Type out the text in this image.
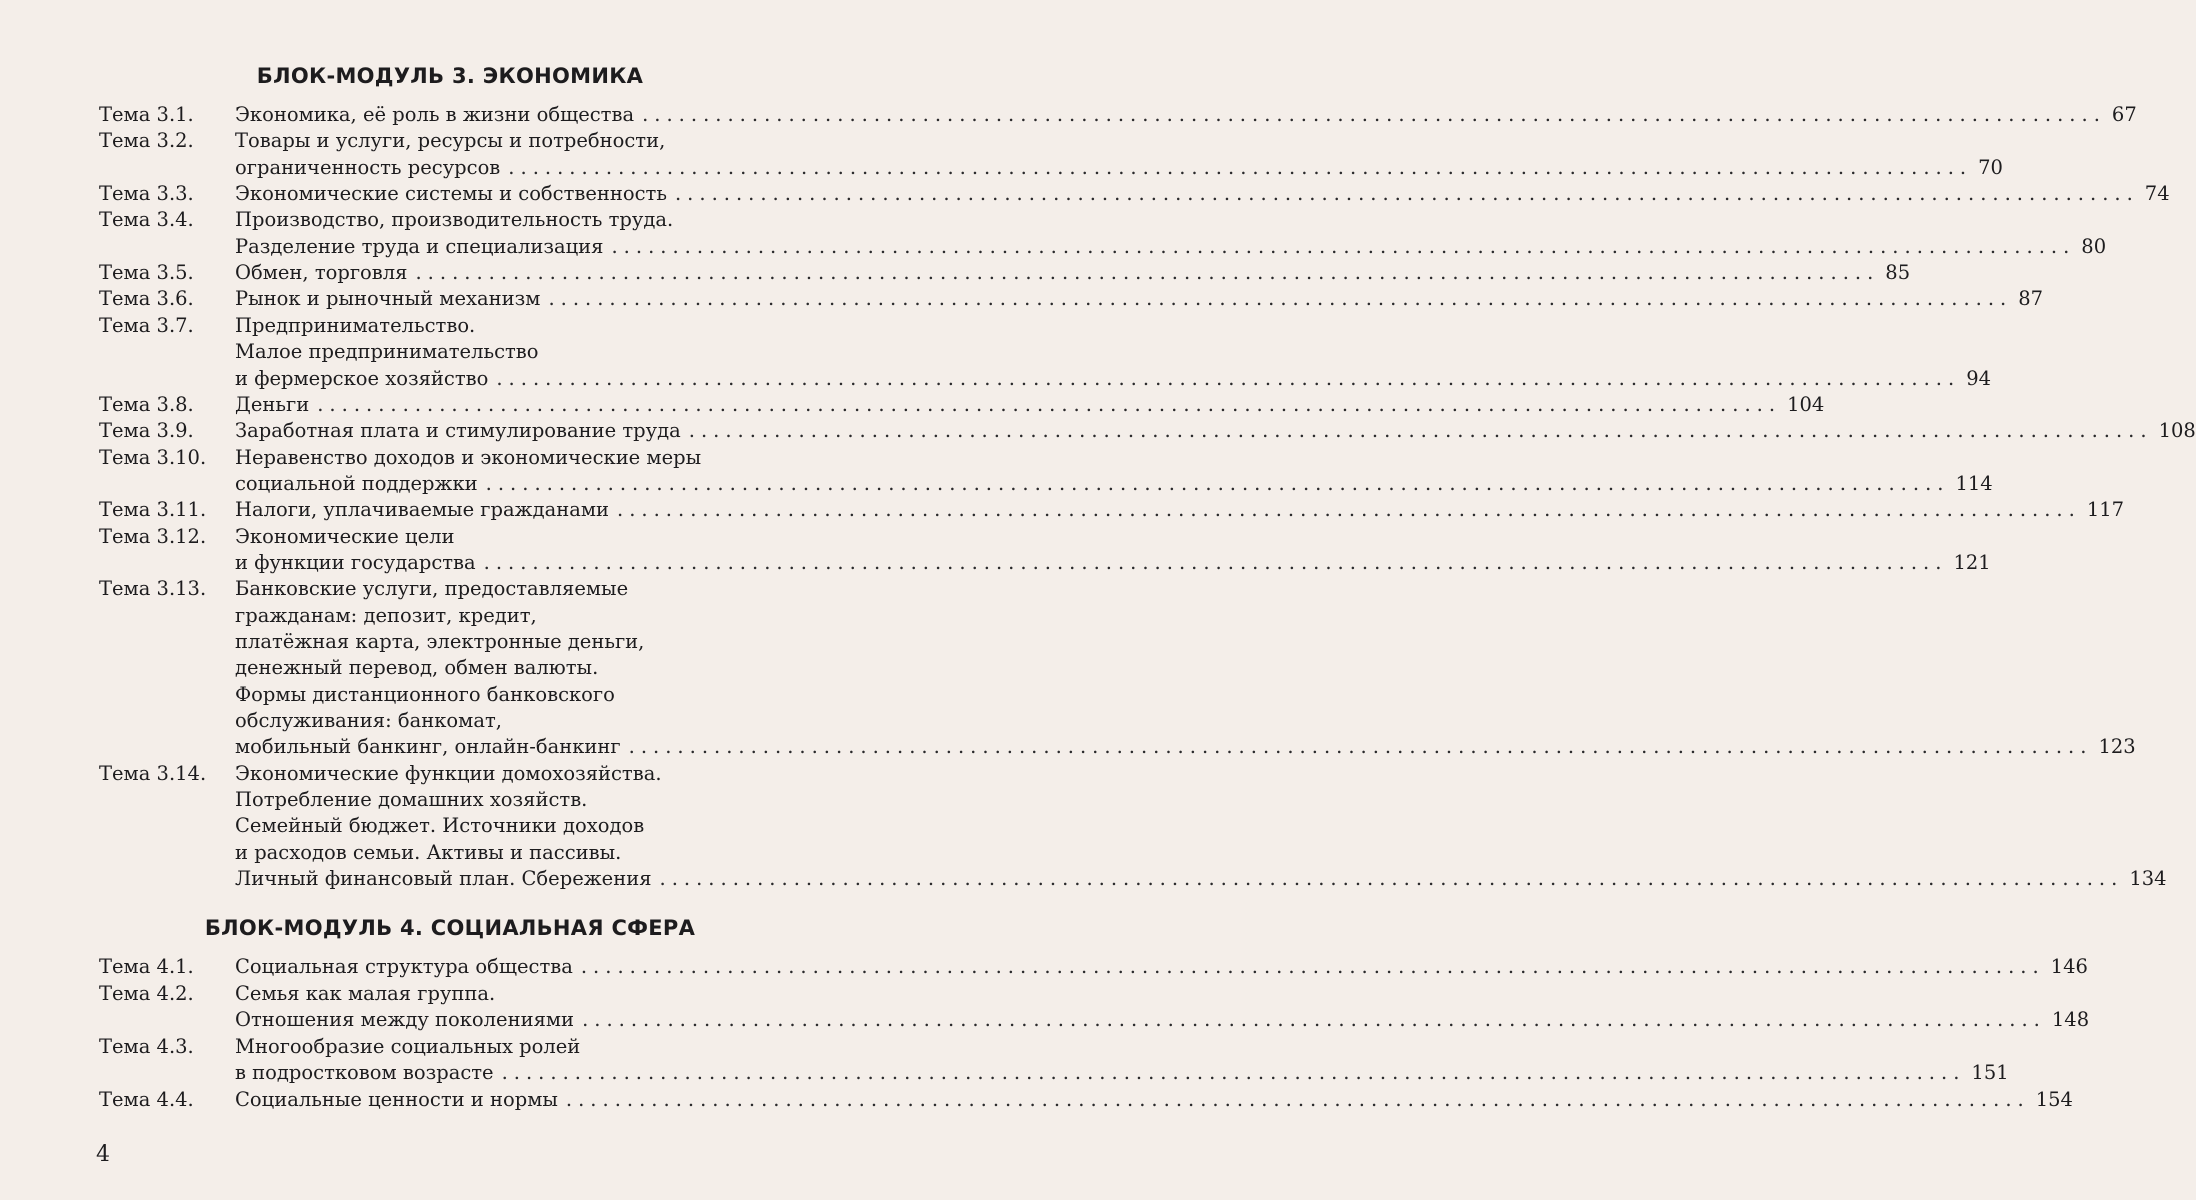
БЛОК-МОДУЛЬ 3. ЭКОНОМИКА
Тема 3.1. Экономика, её роль в жизни общества ........................................................................................................................ 67
Тема 3.2. Товары и услуги, ресурсы и потребности,
ограниченность ресурсов ........................................................................................................................ 70
Тема 3.3. Экономические системы и собственность ........................................................................................................................ 74
Тема 3.4. Производство, производительность труда.
Разделение труда и специализация ........................................................................................................................ 80
Тема 3.5. Обмен, торговля ........................................................................................................................ 85
Тема 3.6. Рынок и рыночный механизм ........................................................................................................................ 87
Тема 3.7. Предпринимательство.
Малое предпринимательство
и фермерское хозяйство ........................................................................................................................ 94
Тема 3.8. Деньги ........................................................................................................................ 104
Тема 3.9. Заработная плата и стимулирование труда ........................................................................................................................ 108
Тема 3.10. Неравенство доходов и экономические меры
социальной поддержки ........................................................................................................................ 114
Тема 3.11. Налоги, уплачиваемые гражданами ........................................................................................................................ 117
Тема 3.12. Экономические цели
и функции государства ........................................................................................................................ 121
Тема 3.13. Банковские услуги, предоставляемые
гражданам: депозит, кредит,
платёжная карта, электронные деньги,
денежный перевод, обмен валюты.
Формы дистанционного банковского
обслуживания: банкомат,
мобильный банкинг, онлайн-банкинг ........................................................................................................................ 123
Тема 3.14. Экономические функции домохозяйства.
Потребление домашних хозяйств.
Семейный бюджет. Источники доходов
и расходов семьи. Активы и пассивы.
Личный финансовый план. Сбережения ........................................................................................................................ 134
БЛОК-МОДУЛЬ 4. СОЦИАЛЬНАЯ СФЕРА
Тема 4.1. Социальная структура общества ........................................................................................................................ 146
Тема 4.2. Семья как малая группа.
Отношения между поколениями ........................................................................................................................ 148
Тема 4.3. Многообразие социальных ролей
в подростковом возрасте ........................................................................................................................ 151
Тема 4.4. Социальные ценности и нормы ........................................................................................................................ 154
4
